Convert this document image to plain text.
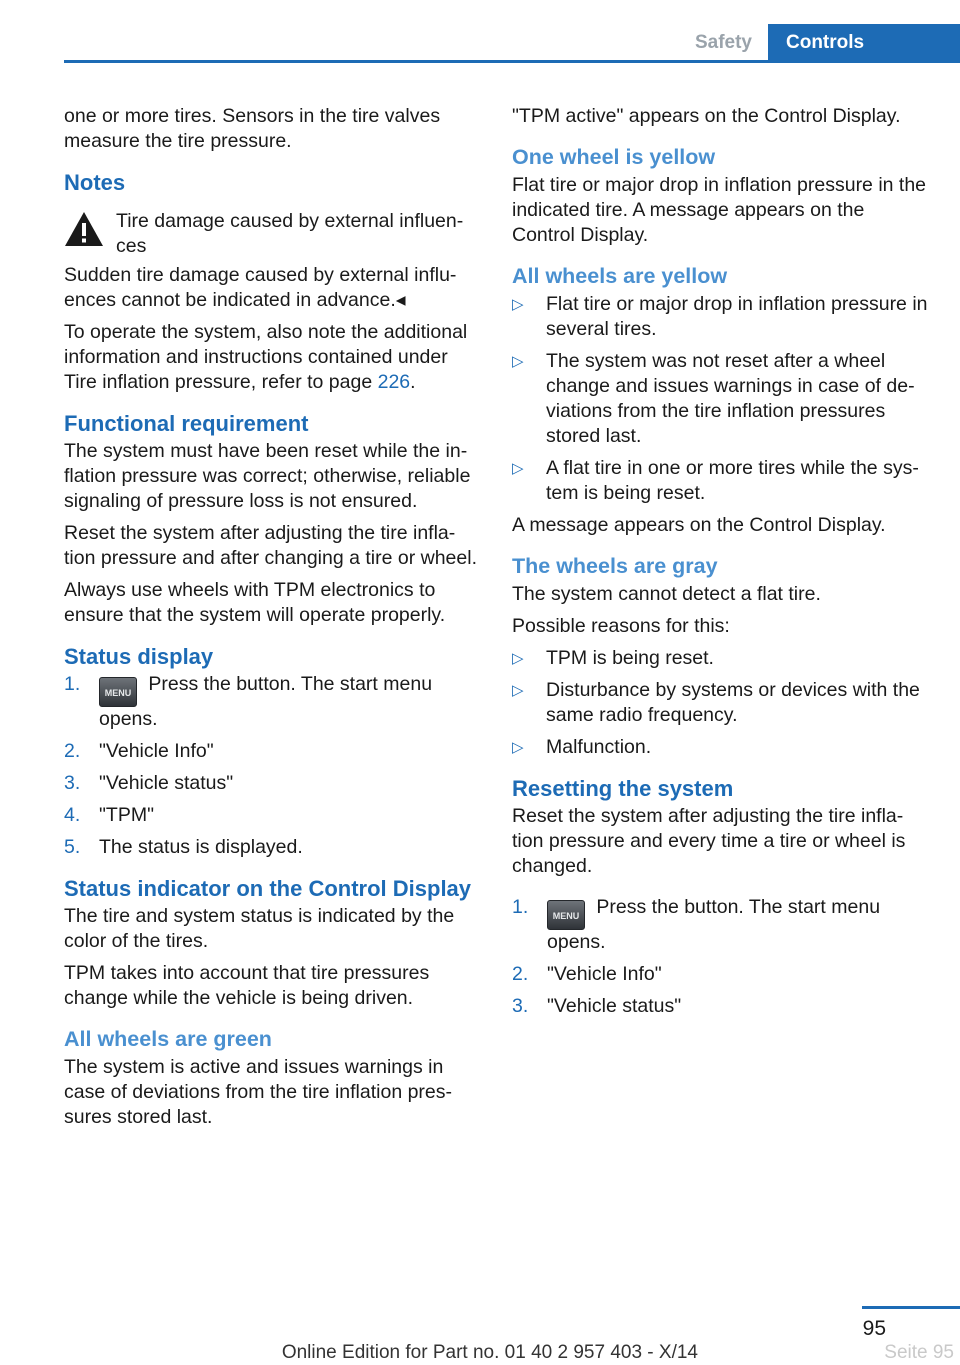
Safety	Controls

one or more tires. Sensors in the tire valves measure the tire pressure.

Notes
Tire damage caused by external influen- ces

Sudden tire damage caused by external influ- ences cannot be indicated in advance.◂

To operate the system, also note the additional information and instructions contained under Tire inflation pressure, refer to page 226.

Functional requirement

The system must have been reset while the in- flation pressure was correct; otherwise, reliable signaling of pressure loss is not ensured.

Reset the system after adjusting the tire infla- tion pressure and after changing a tire or wheel.

Always use wheels with TPM electronics to ensure that the system will operate properly.

Status display
1.	MENU Press the button. The start menu opens.
2. "Vehicle Info"
3. "Vehicle status"
4. "TPM"
5. The status is displayed.
Status indicator on the Control Display

The tire and system status is indicated by the color of the tires.

TPM takes into account that tire pressures change while the vehicle is being driven.

All wheels are green

The system is active and issues warnings in case of deviations from the tire inflation pres- sures stored last.

"TPM active" appears on the Control Display.

One wheel is yellow

Flat tire or major drop in inflation pressure in the indicated tire. A message appears on the Control Display.

All wheels are yellow
▷	Flat tire or major drop in inflation pressure in several tires.
▷	The system was not reset after a wheel change and issues warnings in case of de- viations from the tire inflation pressures stored last.
▷	A flat tire in one or more tires while the sys- tem is being reset.

A message appears on the Control Display.

The wheels are gray

The system cannot detect a flat tire.

Possible reasons for this:

▷	TPM is being reset.
▷	Disturbance by systems or devices with the same radio frequency.
▷	Malfunction.
Resetting the system

Reset the system after adjusting the tire infla- tion pressure and every time a tire or wheel is changed.

1.	MENU Press the button. The start menu opens.
2. "Vehicle Info"
3. "Vehicle status"
95
Online Edition for Part no. 01 40 2 957 403 - X/14	Seite 95
